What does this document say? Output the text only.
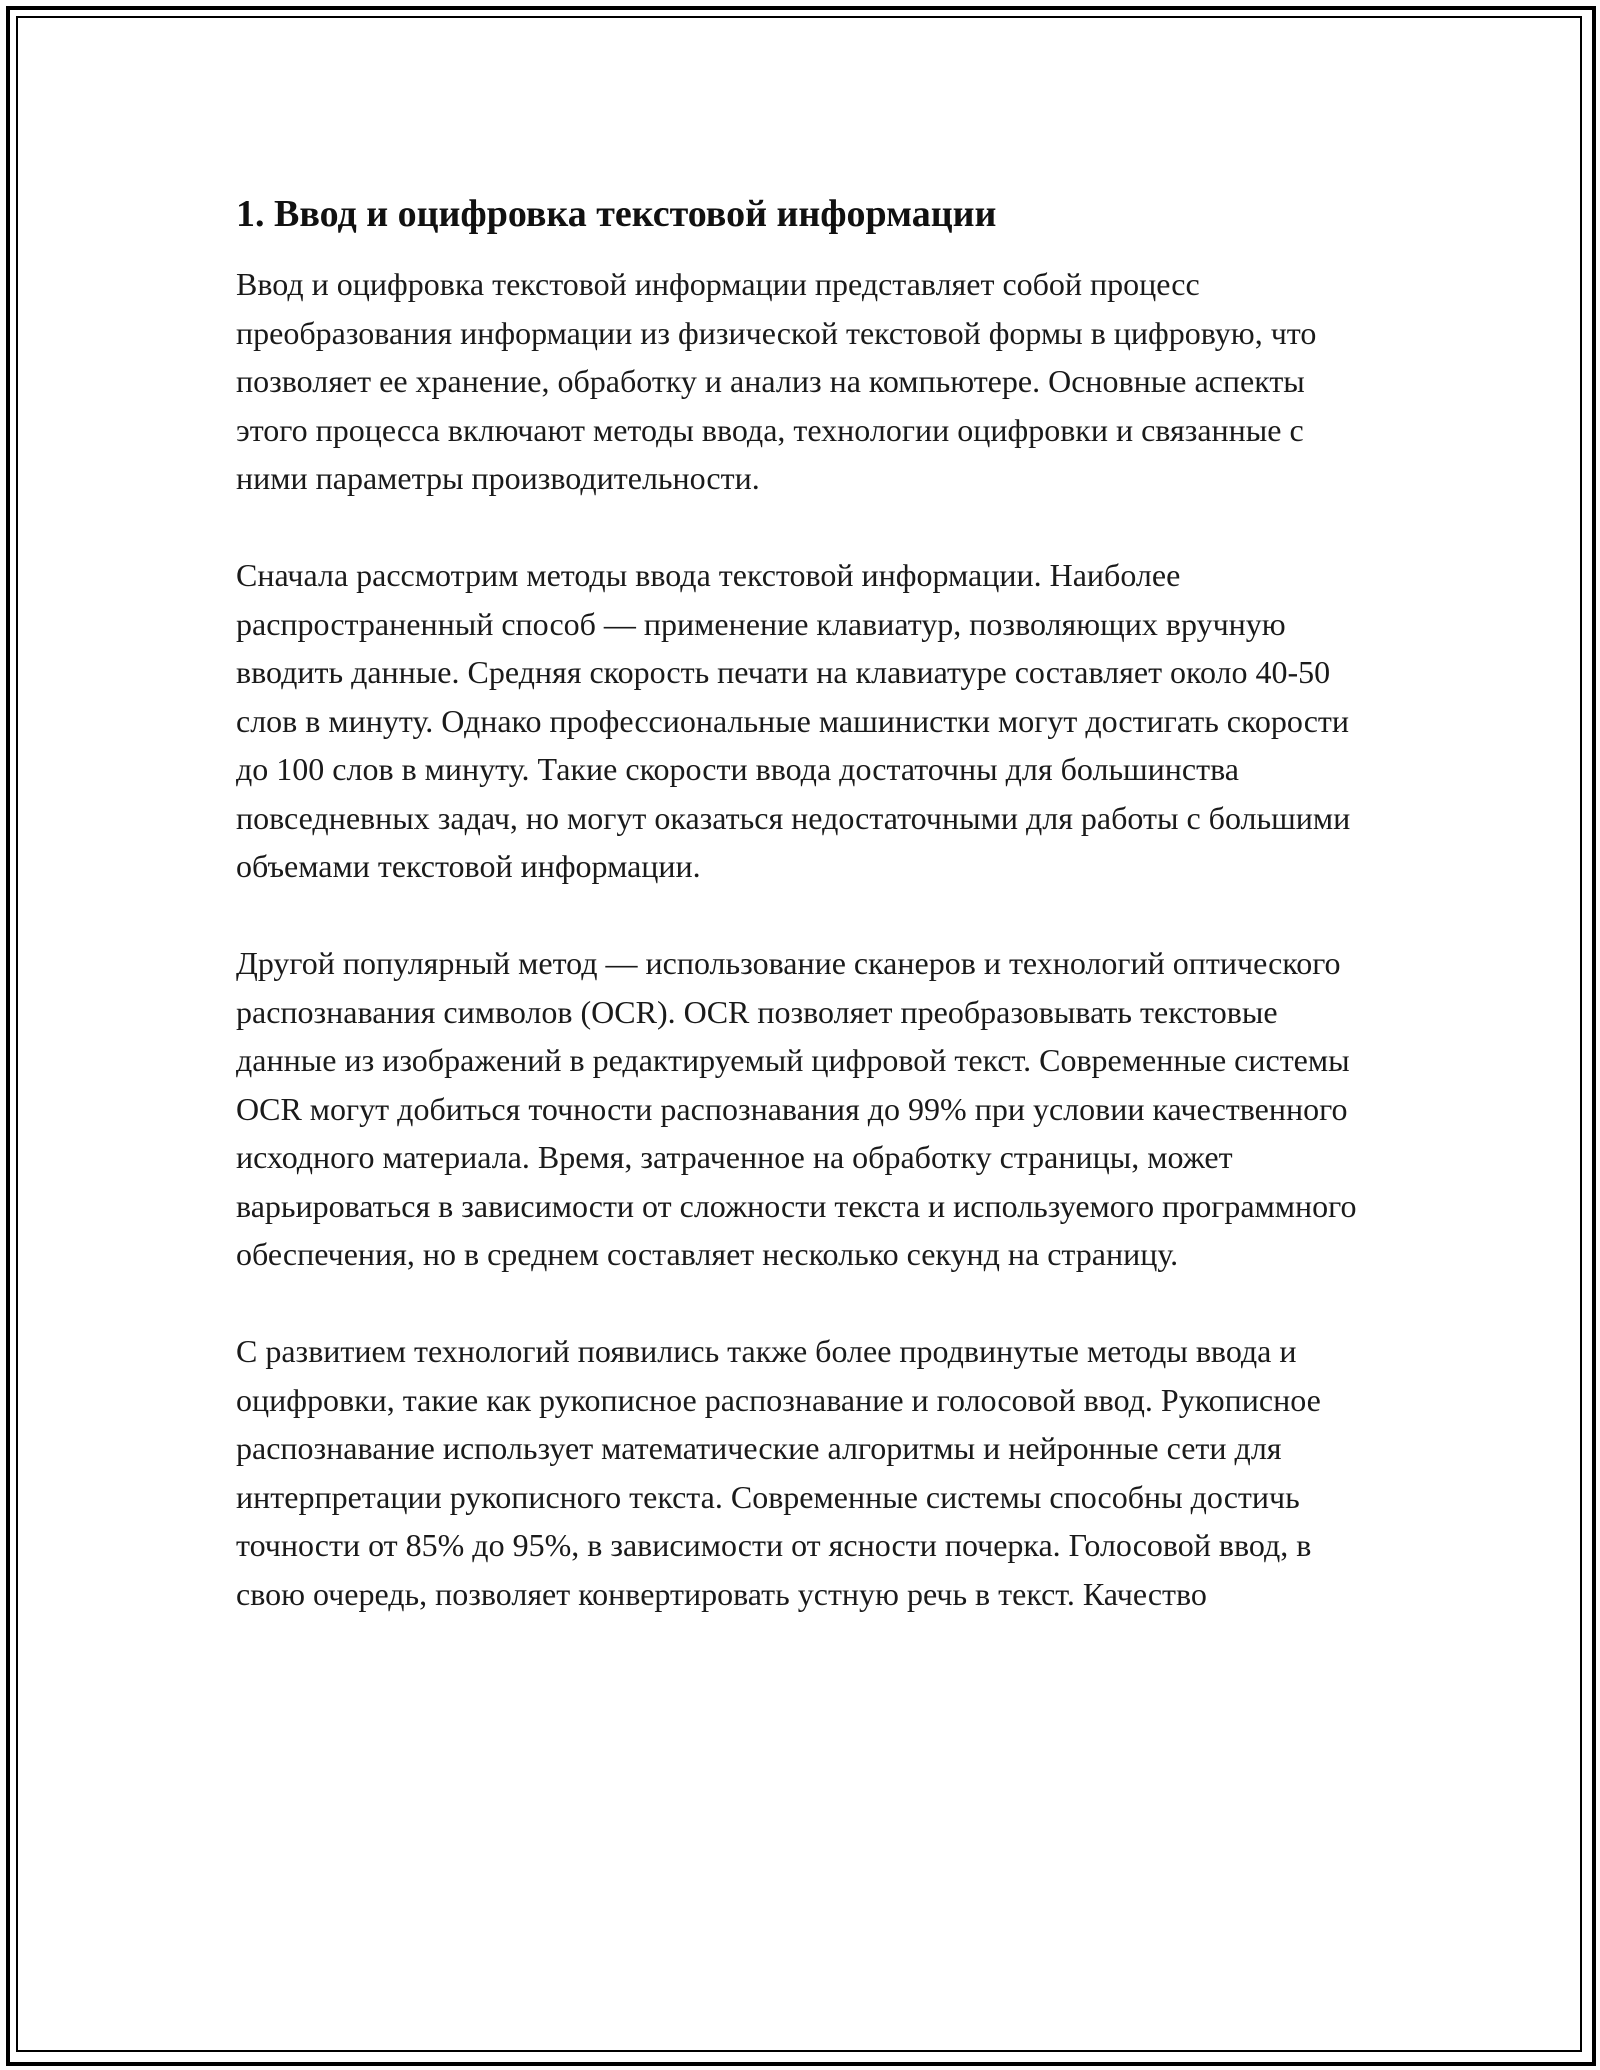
1. Ввод и оцифровка текстовой информации

Ввод и оцифровка текстовой информации представляет собой процесс преобразования информации из физической текстовой формы в цифровую, что позволяет ее хранение, обработку и анализ на компьютере. Основные аспекты этого процесса включают методы ввода, технологии оцифровки и связанные с ними параметры производительности.

Сначала рассмотрим методы ввода текстовой информации. Наиболее распространенный способ — применение клавиатур, позволяющих вручную вводить данные. Средняя скорость печати на клавиатуре составляет около 40-50 слов в минуту. Однако профессиональные машинистки могут достигать скорости до 100 слов в минуту. Такие скорости ввода достаточны для большинства повседневных задач, но могут оказаться недостаточными для работы с большими объемами текстовой информации.

Другой популярный метод — использование сканеров и технологий оптического распознавания символов (OCR). OCR позволяет преобразовывать текстовые данные из изображений в редактируемый цифровой текст. Современные системы OCR могут добиться точности распознавания до 99% при условии качественного исходного материала. Время, затраченное на обработку страницы, может варьироваться в зависимости от сложности текста и используемого программного обеспечения, но в среднем составляет несколько секунд на страницу.

С развитием технологий появились также более продвинутые методы ввода и оцифровки, такие как рукописное распознавание и голосовой ввод. Рукописное распознавание использует математические алгоритмы и нейронные сети для интерпретации рукописного текста. Современные системы способны достичь точности от 85% до 95%, в зависимости от ясности почерка. Голосовой ввод, в свою очередь, позволяет конвертировать устную речь в текст. Качество
